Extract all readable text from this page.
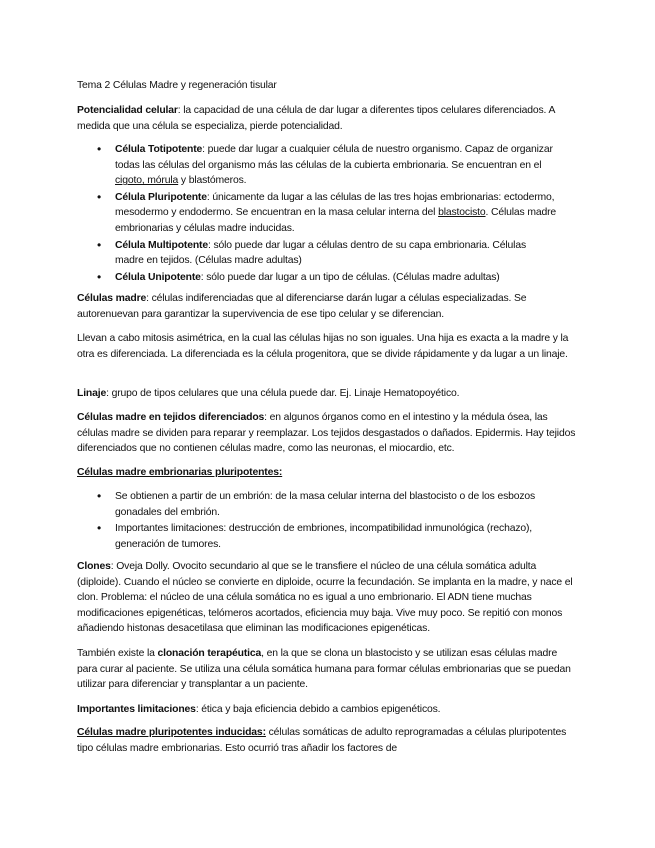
Tema 2 Células Madre y regeneración tisular
Potencialidad celular: la capacidad de una célula de dar lugar a diferentes tipos celulares diferenciados. A medida que una célula se especializa, pierde potencialidad.
• Célula Totipotente: puede dar lugar a cualquier célula de nuestro organismo. Capaz de organizar todas las células del organismo más las células de la cubierta embrionaria. Se encuentran en el cigoto, mórula y blastómeros.
• Célula Pluripotente: únicamente da lugar a las células de las tres hojas embrionarias: ectodermo, mesodermo y endodermo. Se encuentran en la masa celular interna del blastocisto. Células madre embrionarias y células madre inducidas.
• Célula Multipotente: sólo puede dar lugar a células dentro de su capa embrionaria. Células madre en tejidos. (Células madre adultas)
• Célula Unipotente: sólo puede dar lugar a un tipo de células. (Células madre adultas)
Células madre: células indiferenciadas que al diferenciarse darán lugar a células especializadas. Se autorenuevan para garantizar la supervivencia de ese tipo celular y se diferencian.
Llevan a cabo mitosis asimétrica, en la cual las células hijas no son iguales. Una hija es exacta a la madre y la otra es diferenciada. La diferenciada es la célula progenitora, que se divide rápidamente y da lugar a un linaje.
Linaje: grupo de tipos celulares que una célula puede dar. Ej. Linaje Hematopoyético.
Células madre en tejidos diferenciados: en algunos órganos como en el intestino y la médula ósea, las células madre se dividen para reparar y reemplazar. Los tejidos desgastados o dañados. Epidermis. Hay tejidos diferenciados que no contienen células madre, como las neuronas, el miocardio, etc.
Células madre embrionarias pluripotentes:
• Se obtienen a partir de un embrión: de la masa celular interna del blastocisto o de los esbozos gonadales del embrión.
• Importantes limitaciones: destrucción de embriones, incompatibilidad inmunológica (rechazo), generación de tumores.
Clones: Oveja Dolly. Ovocito secundario al que se le transfiere el núcleo de una célula somática adulta (diploide). Cuando el núcleo se convierte en diploide, ocurre la fecundación. Se implanta en la madre, y nace el clon. Problema: el núcleo de una célula somática no es igual a uno embrionario. El ADN tiene muchas modificaciones epigenéticas, telómeros acortados, eficiencia muy baja. Vive muy poco. Se repitió con monos añadiendo histonas desacetilasa que eliminan las modificaciones epigenéticas.
También existe la clonación terapéutica, en la que se clona un blastocisto y se utilizan esas células madre para curar al paciente. Se utiliza una célula somática humana para formar células embrionarias que se puedan utilizar para diferenciar y transplantar a un paciente.
Importantes limitaciones: ética y baja eficiencia debido a cambios epigenéticos.
Células madre pluripotentes inducidas: células somáticas de adulto reprogramadas a células pluripotentes tipo células madre embrionarias. Esto ocurrió tras añadir los factores de
